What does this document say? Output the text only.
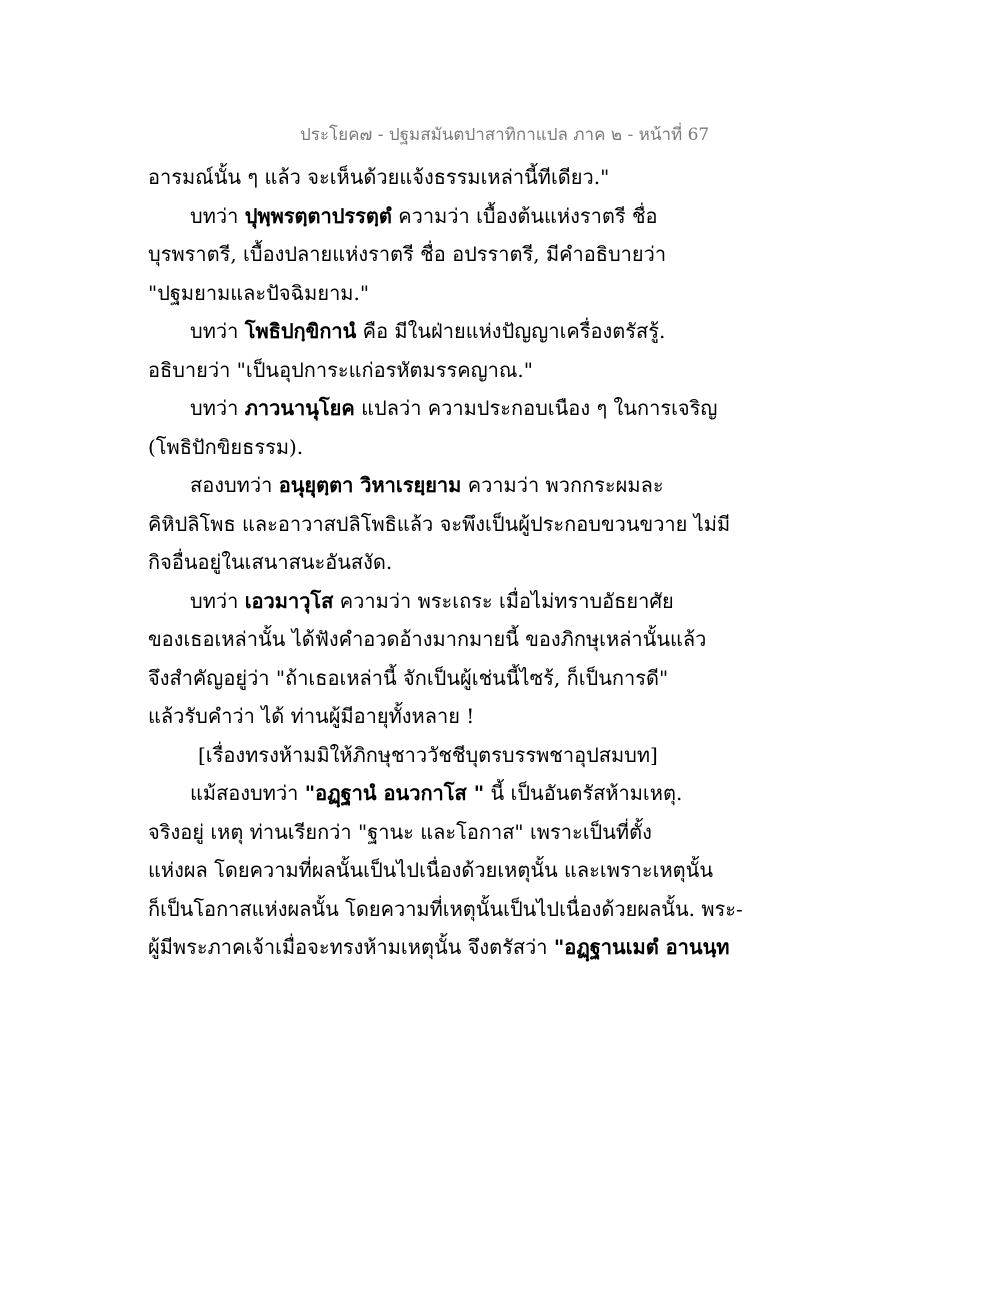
ประโยค๗ - ปฐมสมันตปาสาทิกาแปล ภาค ๒ - หน้าที่ 67
อารมณ์นั้น ๆ แล้ว จะเห็นด้วยแจ้งธรรมเหล่านี้ทีเดียว."
บทว่า ปุพฺพรตฺตาปรรตฺตํ ความว่า เบื้องต้นแห่งราตรี ชื่อ
บุรพราตรี, เบื้องปลายแห่งราตรี ชื่อ อปรราตรี, มีคำอธิบายว่า
"ปฐมยามและปัจฉิมยาม."
บทว่า โพธิปกฺขิกานํ คือ มีในฝ่ายแห่งปัญญาเครื่องตรัสรู้.
อธิบายว่า "เป็นอุปการะแก่อรหัตมรรคญาณ."
บทว่า ภาวนานุโยค แปลว่า ความประกอบเนือง ๆ ในการเจริญ
(โพธิปักขิยธรรม).
สองบทว่า อนุยุตฺตา วิหาเรยฺยาม ความว่า พวกกระผมละ
คิหิปลิโพธ และอาวาสปลิโพธิแล้ว จะพึงเป็นผู้ประกอบขวนขวาย ไม่มี
กิจอื่นอยู่ในเสนาสนะอันสงัด.
บทว่า เอวมาวุโส ความว่า พระเถระ เมื่อไม่ทราบอัธยาศัย
ของเธอเหล่านั้น ได้ฟังคำอวดอ้างมากมายนี้ ของภิกษุเหล่านั้นแล้ว
จึงสำคัญอยู่ว่า "ถ้าเธอเหล่านี้ จักเป็นผู้เช่นนี้ไซร้, ก็เป็นการดี"
แล้วรับคำว่า ได้ ท่านผู้มีอายุทั้งหลาย !
[เรื่องทรงห้ามมิให้ภิกษุชาววัชชีบุตรบรรพชาอุปสมบท]
แม้สองบทว่า "อฏฺฐานํ อนวกาโส " นี้ เป็นอันตรัสห้ามเหตุ.
จริงอยู่ เหตุ ท่านเรียกว่า "ฐานะ และโอกาส" เพราะเป็นที่ตั้ง
แห่งผล โดยความที่ผลนั้นเป็นไปเนื่องด้วยเหตุนั้น และเพราะเหตุนั้น
ก็เป็นโอกาสแห่งผลนั้น โดยความที่เหตุนั้นเป็นไปเนื่องด้วยผลนั้น. พระ-
ผู้มีพระภาคเจ้าเมื่อจะทรงห้ามเหตุนั้น จึงตรัสว่า "อฏฺฐานเมตํ อานนฺท
